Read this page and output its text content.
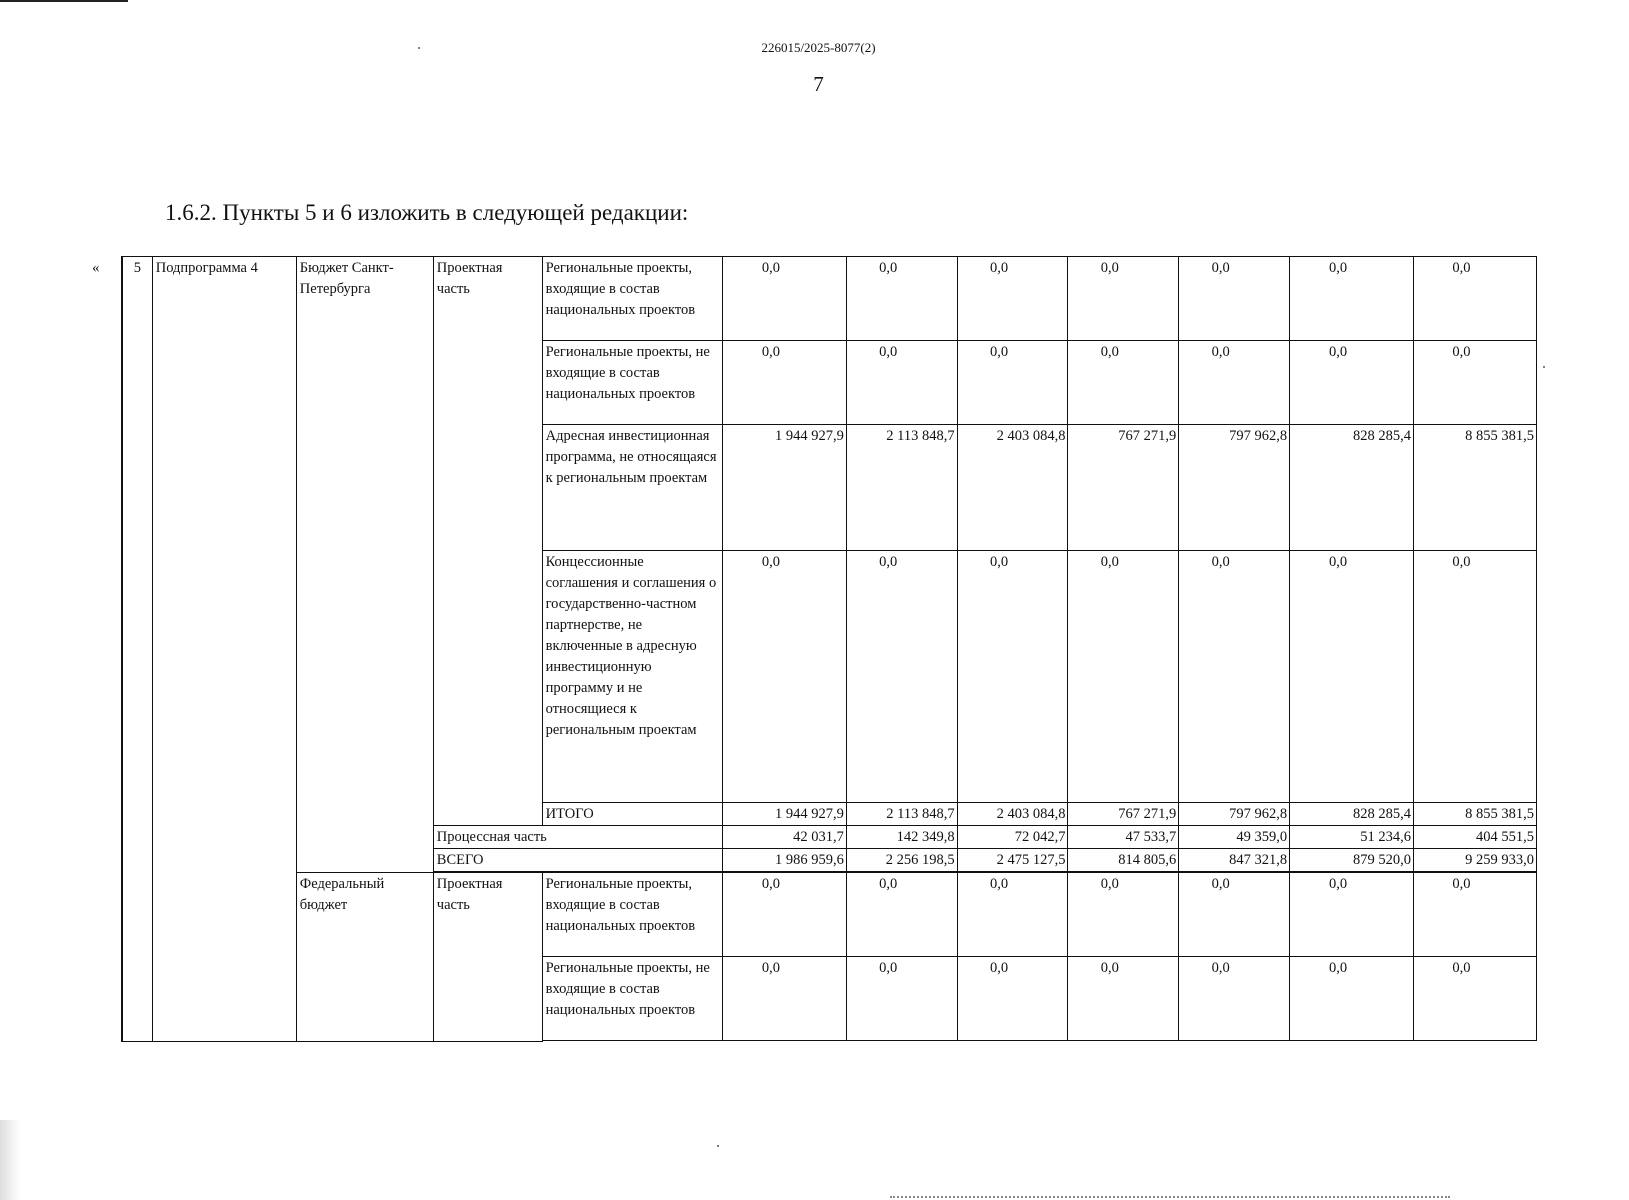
226015/2025-8077(2)
7
1.6.2. Пункты 5 и 6 изложить в следующей редакции:
« 5	Подпрограмма 4	Бюджет Санкт-Петербурга	Проектная часть	Региональные проекты, входящие в состав национальных проектов	0,0	0,0	0,0	0,0	0,0	0,0	0,0
				Региональные проекты, не входящие в состав национальных проектов	0,0	0,0	0,0	0,0	0,0	0,0	0,0
				Адресная инвестиционная программа, не относящаяся к региональным проектам	1 944 927,9	2 113 848,7	2 403 084,8	767 271,9	797 962,8	828 285,4	8 855 381,5
				Концессионные соглашения и соглашения о государственно-частном партнерстве, не включенные в адресную инвестиционную программу и не относящиеся к региональным проектам	0,0	0,0	0,0	0,0	0,0	0,0	0,0
				ИТОГО	1 944 927,9	2 113 848,7	2 403 084,8	767 271,9	797 962,8	828 285,4	8 855 381,5
			Процессная часть		42 031,7	142 349,8	72 042,7	47 533,7	49 359,0	51 234,6	404 551,5
			ВСЕГО		1 986 959,6	2 256 198,5	2 475 127,5	814 805,6	847 321,8	879 520,0	9 259 933,0

		Федеральный бюджет	Проектная часть	Региональные проекты, входящие в состав национальных проектов	0,0	0,0	0,0	0,0	0,0	0,0	0,0
				Региональные проекты, не входящие в состав национальных проектов	0,0	0,0	0,0	0,0	0,0	0,0	0,0
